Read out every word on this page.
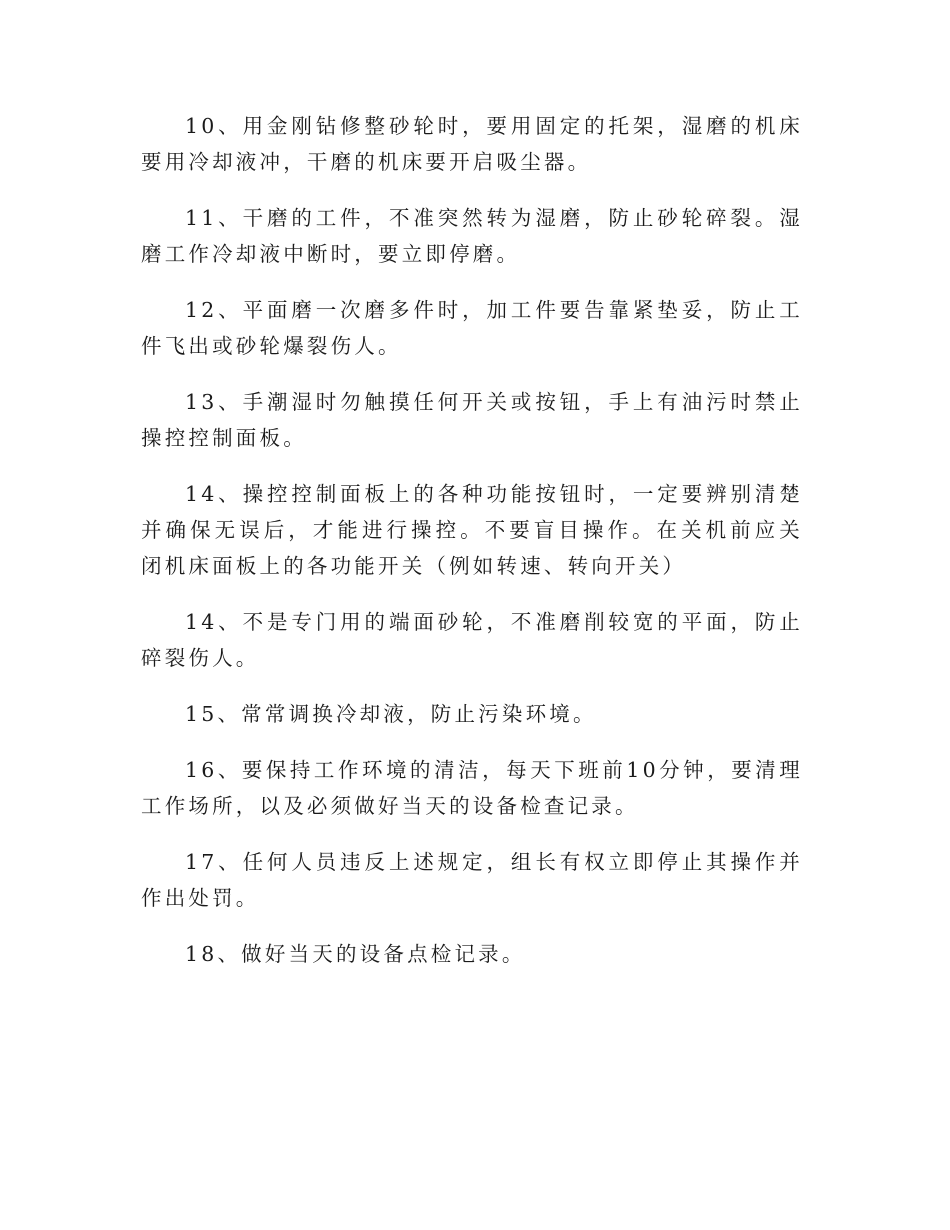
10、用金刚钻修整砂轮时，要用固定的托架，湿磨的机床要用冷却液冲，干磨的机床要开启吸尘器。

11、干磨的工件，不准突然转为湿磨，防止砂轮碎裂。湿磨工作冷却液中断时，要立即停磨。

12、平面磨一次磨多件时，加工件要告靠紧垫妥，防止工件飞出或砂轮爆裂伤人。

13、手潮湿时勿触摸任何开关或按钮，手上有油污时禁止操控控制面板。

14、操控控制面板上的各种功能按钮时，一定要辨别清楚并确保无误后，才能进行操控。不要盲目操作。在关机前应关闭机床面板上的各功能开关（例如转速、转向开关）

14、不是专门用的端面砂轮，不准磨削较宽的平面，防止碎裂伤人。

15、常常调换冷却液，防止污染环境。

16、要保持工作环境的清洁，每天下班前10分钟，要清理工作场所，以及必须做好当天的设备检查记录。

17、任何人员违反上述规定，组长有权立即停止其操作并作出处罚。

18、做好当天的设备点检记录。
